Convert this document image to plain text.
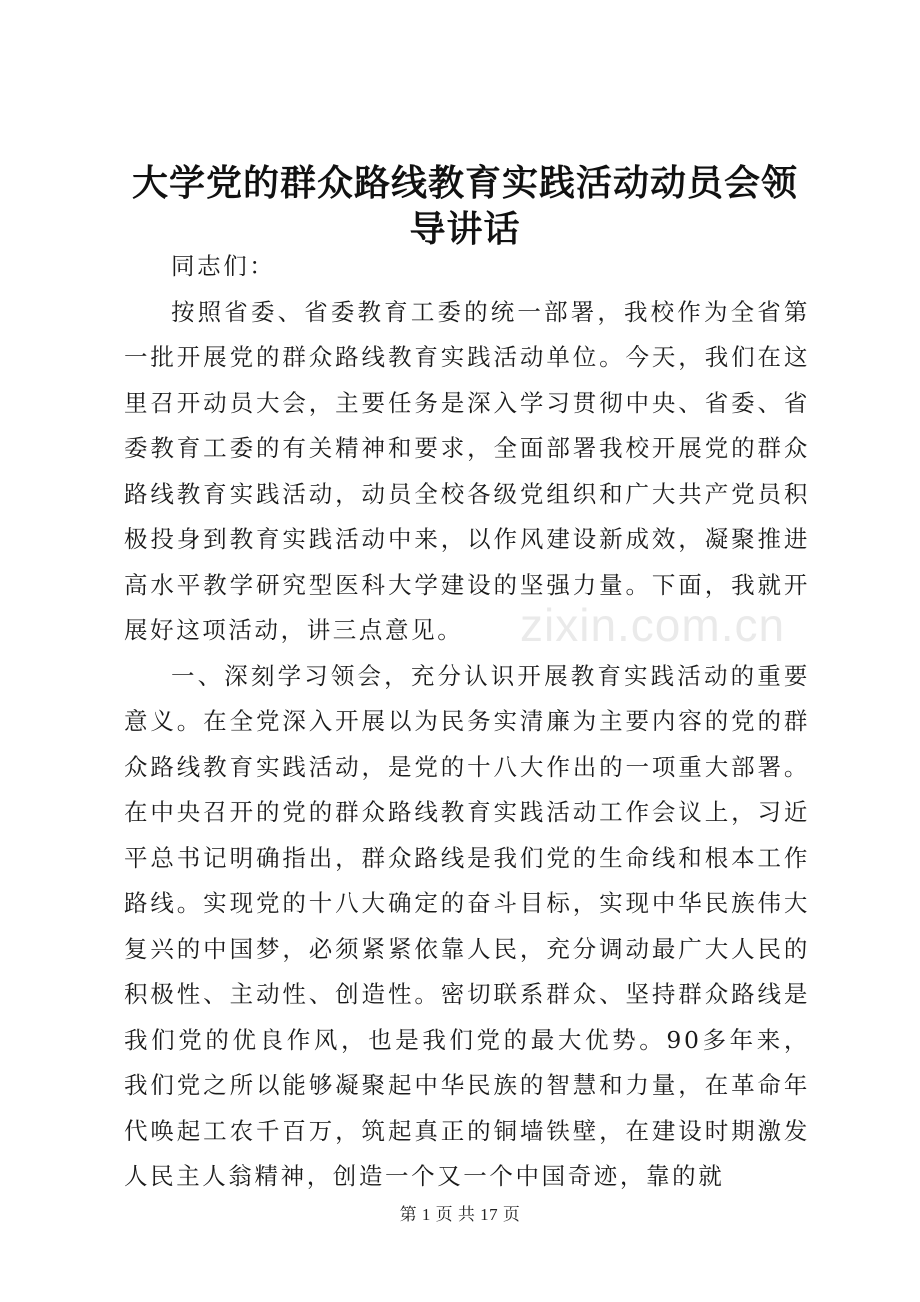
大学党的群众路线教育实践活动动员会领导讲话

同志们：

按照省委、省委教育工委的统一部署，我校作为全省第一批开展党的群众路线教育实践活动单位。今天，我们在这里召开动员大会，主要任务是深入学习贯彻中央、省委、省委教育工委的有关精神和要求，全面部署我校开展党的群众路线教育实践活动，动员全校各级党组织和广大共产党员积极投身到教育实践活动中来，以作风建设新成效，凝聚推进高水平教学研究型医科大学建设的坚强力量。下面，我就开展好这项活动，讲三点意见。

一、深刻学习领会，充分认识开展教育实践活动的重要意义。在全党深入开展以为民务实清廉为主要内容的党的群众路线教育实践活动，是党的十八大作出的一项重大部署。在中央召开的党的群众路线教育实践活动工作会议上，习近平总书记明确指出，群众路线是我们党的生命线和根本工作路线。实现党的十八大确定的奋斗目标，实现中华民族伟大复兴的中国梦，必须紧紧依靠人民，充分调动最广大人民的积极性、主动性、创造性。密切联系群众、坚持群众路线是我们党的优良作风，也是我们党的最大优势。90多年来，我们党之所以能够凝聚起中华民族的智慧和力量，在革命年代唤起工农千百万，筑起真正的铜墙铁壁，在建设时期激发人民主人翁精神，创造一个又一个中国奇迹，靠的就

zixin.com.cn
第 1 页 共 17 页
